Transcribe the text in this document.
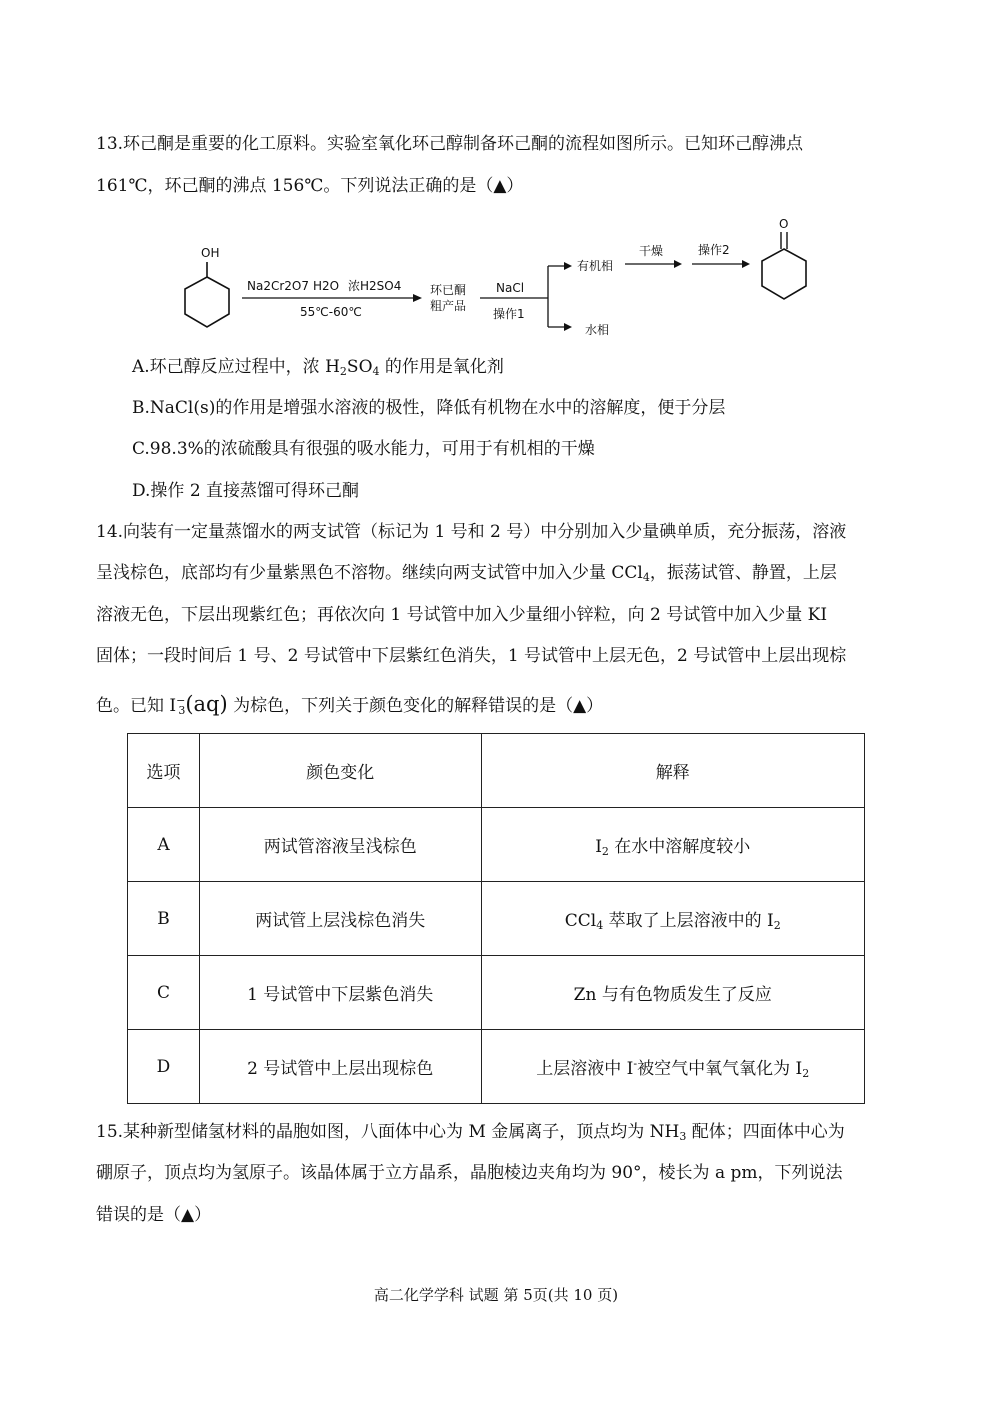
13.环己酮是重要的化工原料。实验室氧化环己醇制备环己酮的流程如图所示。已知环己醇沸点
161℃，环己酮的沸点 156℃。下列说法正确的是（▲）
OH
Na2Cr2O7 H2O 浓H2SO4
55℃-60℃
环已酮
粗产品
NaCl
操作1
有机相
水相
干燥	操作2
O
A.环己醇反应过程中，浓 $H_2SO_4$ 的作用是氧化剂
B.NaCl(s)的作用是增强水溶液的极性，降低有机物在水中的溶解度，便于分层
C.98.3%的浓硫酸具有很强的吸水能力，可用于有机相的干燥
D.操作 2 直接蒸馏可得环己酮
14.向装有一定量蒸馏水的两支试管（标记为 1 号和 2 号）中分别加入少量碘单质，充分振荡，溶液
呈浅棕色，底部均有少量紫黑色不溶物。继续向两支试管中加入少量 CCl$_4$，振荡试管、静置，上层
溶液无色，下层出现紫红色；再依次向 1 号试管中加入少量细小锌粒，向 2 号试管中加入少量 KI
固体；一段时间后 1 号、2 号试管中下层紫红色消失，1 号试管中上层无色，2 号试管中上层出现棕
色。已知 $I^-_3(aq)$ 为棕色，下列关于颜色变化的解释错误的是（▲）
选项	颜色变化	解释
A	两试管溶液呈浅棕色	$I_2$ 在水中溶解度较小
B	两试管上层浅棕色消失	CCl$_4$ 萃取了上层溶液中的 $I_2$
C	1 号试管中下层紫色消失	Zn 与有色物质发生了反应
D	2 号试管中上层出现棕色	上层溶液中 I-被空气中氧气氧化为 $I_2$
15.某种新型储氢材料的晶胞如图，八面体中心为 M 金属离子，顶点均为 $NH_3$ 配体；四面体中心为
硼原子，顶点均为氢原子。该晶体属于立方晶系，晶胞棱边夹角均为 90°，棱长为 a pm，下列说法
错误的是（▲）
高二化学学科 试题 第 5页(共 10 页)
